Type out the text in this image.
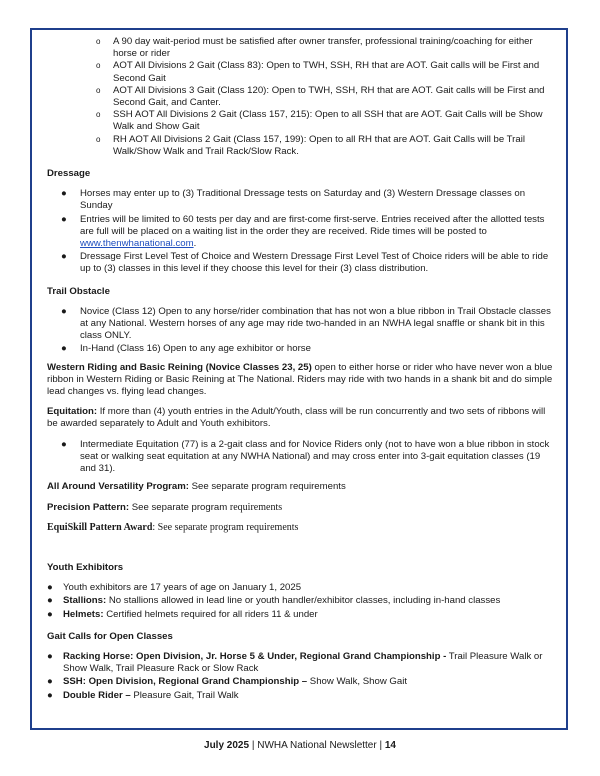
o A 90 day wait-period must be satisfied after owner transfer, professional training/coaching for either horse or rider
o AOT All Divisions 2 Gait (Class 83): Open to TWH, SSH, RH that are AOT. Gait calls will be First and Second Gait
o AOT All Divisions 3 Gait (Class 120): Open to TWH, SSH, RH that are AOT. Gait calls will be First and Second Gait, and Canter.
o SSH AOT All Divisions 2 Gait (Class 157, 215): Open to all SSH that are AOT. Gait Calls will be Show Walk and Show Gait
o RH AOT All Divisions 2 Gait (Class 157, 199): Open to all RH that are AOT. Gait Calls will be Trail Walk/Show Walk and Trail Rack/Slow Rack.
Dressage
● Horses may enter up to (3) Traditional Dressage tests on Saturday and (3) Western Dressage classes on Sunday
● Entries will be limited to 60 tests per day and are first-come first-serve. Entries received after the allotted tests are full will be placed on a waiting list in the order they are received. Ride times will be posted to www.thenwhanational.com.
● Dressage First Level Test of Choice and Western Dressage First Level Test of Choice riders will be able to ride up to (3) classes in this level if they choose this level for their (3) class distribution.
Trail Obstacle
● Novice (Class 12) Open to any horse/rider combination that has not won a blue ribbon in Trail Obstacle classes at any National. Western horses of any age may ride two-handed in an NWHA legal snaffle or shank bit in this class ONLY.
● In-Hand (Class 16) Open to any age exhibitor or horse
Western Riding and Basic Reining (Novice Classes 23, 25) open to either horse or rider who have never won a blue ribbon in Western Riding or Basic Reining at The National. Riders may ride with two hands in a shank bit and do simple lead changes vs. flying lead changes.
Equitation: If more than (4) youth entries in the Adult/Youth, class will be run concurrently and two sets of ribbons will be awarded separately to Adult and Youth exhibitors.
● Intermediate Equitation (77) is a 2-gait class and for Novice Riders only (not to have won a blue ribbon in stock seat or walking seat equitation at any NWHA National) and may cross enter into 3-gait equitation classes (19 and 31).
All Around Versatility Program: See separate program requirements
Precision Pattern: See separate program requirements
EquiSkill Pattern Award: See separate program requirements
Youth Exhibitors
● Youth exhibitors are 17 years of age on January 1, 2025
● Stallions: No stallions allowed in lead line or youth handler/exhibitor classes, including in-hand classes
● Helmets: Certified helmets required for all riders 11 & under
Gait Calls for Open Classes
● Racking Horse: Open Division, Jr. Horse 5 & Under, Regional Grand Championship - Trail Pleasure Walk or Show Walk, Trail Pleasure Rack or Slow Rack
● SSH: Open Division, Regional Grand Championship – Show Walk, Show Gait
● Double Rider – Pleasure Gait, Trail Walk
July 2025 | NWHA National Newsletter | 14
